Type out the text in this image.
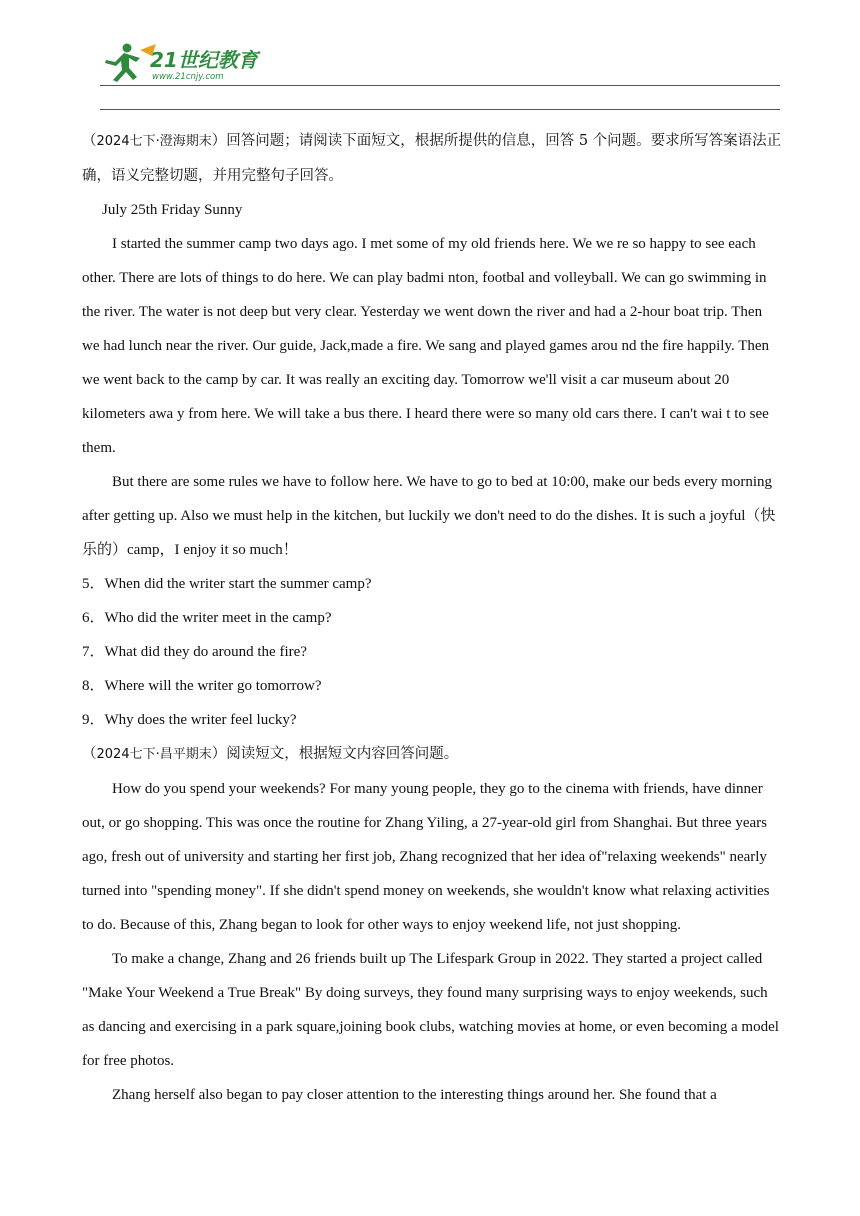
21世纪教育
www.21cnjy.com

（2024七下·澄海期末）回答问题；请阅读下面短文，根据所提供的信息，回答 5 个问题。要求所写答案语法正确，语义完整切题，并用完整句子回答。

July 25th Friday Sunny

I started the summer camp two days ago. I met some of my old friends here. We we re so happy to see each other. There are lots of things to do here. We can play badmi nton, footbal and volleyball. We can go swimming in the river. The water is not deep but very clear. Yesterday we went down the river and had a 2-hour boat trip. Then we had lunch near the river. Our guide, Jack,made a fire. We sang and played games arou nd the fire happily. Then we went back to the camp by car. It was really an exciting day. Tomorrow we'll visit a car museum about 20 kilometers awa y from here. We will take a bus there. I heard there were so many old cars there. I can't wai t to see them.

But there are some rules we have to follow here. We have to go to bed at 10:00, make our beds every morning after getting up. Also we must help in the kitchen, but luckily we don't need to do the dishes. It is such a joyful（快乐的）camp，I enjoy it so much！

5．When did the writer start the summer camp?

6．Who did the writer meet in the camp?

7．What did they do around the fire?

8．Where will the writer go tomorrow?

9．Why does the writer feel lucky?

（2024七下·昌平期末）阅读短文，根据短文内容回答问题。

How do you spend your weekends? For many young people, they go to the cinema with friends, have dinner out, or go shopping. This was once the routine for Zhang Yiling, a 27-year-old girl from Shanghai. But three years ago, fresh out of university and starting her first job, Zhang recognized that her idea of"relaxing weekends" nearly turned into "spending money". If she didn't spend money on weekends, she wouldn't know what relaxing activities to do. Because of this, Zhang began to look for other ways to enjoy weekend life, not just shopping.

To make a change, Zhang and 26 friends built up The Lifespark Group in 2022. They started a project called "Make Your Weekend a True Break" By doing surveys, they found many surprising ways to enjoy weekends, such as dancing and exercising in a park square,joining book clubs, watching movies at home, or even becoming a model for free photos.

Zhang herself also began to pay closer attention to the interesting things around her. She found that a
